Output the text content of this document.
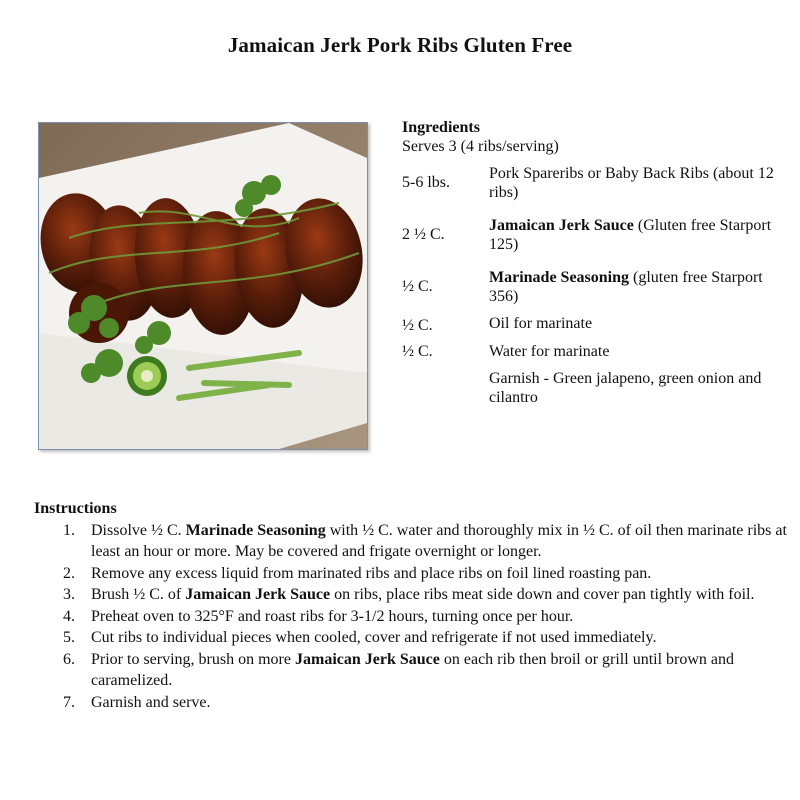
Jamaican Jerk Pork Ribs Gluten Free
Ingredients
Serves 3 (4 ribs/serving)
5-6 lbs.
Pork Spareribs or Baby Back Ribs (about 12 ribs)
2 ½ C.
Jamaican Jerk Sauce (Gluten free Starport 125)
½ C.
Marinade Seasoning (gluten free Starport 356)
½ C.	Oil for marinate
½ C.	Water for marinate
Garnish - Green jalapeno, green onion and cilantro
Instructions
1. Dissolve ½ C. Marinade Seasoning with ½ C. water and thoroughly mix in ½ C. of oil then marinate ribs at least an hour or more. May be covered and frigate overnight or longer.
2. Remove any excess liquid from marinated ribs and place ribs on foil lined roasting pan.
3. Brush ½ C. of Jamaican Jerk Sauce on ribs, place ribs meat side down and cover pan tightly with foil.
4. Preheat oven to 325°F and roast ribs for 3-1/2 hours, turning once per hour.
5. Cut ribs to individual pieces when cooled, cover and refrigerate if not used immediately.
6. Prior to serving, brush on more Jamaican Jerk Sauce on each rib then broil or grill until brown and caramelized.
7. Garnish and serve.
